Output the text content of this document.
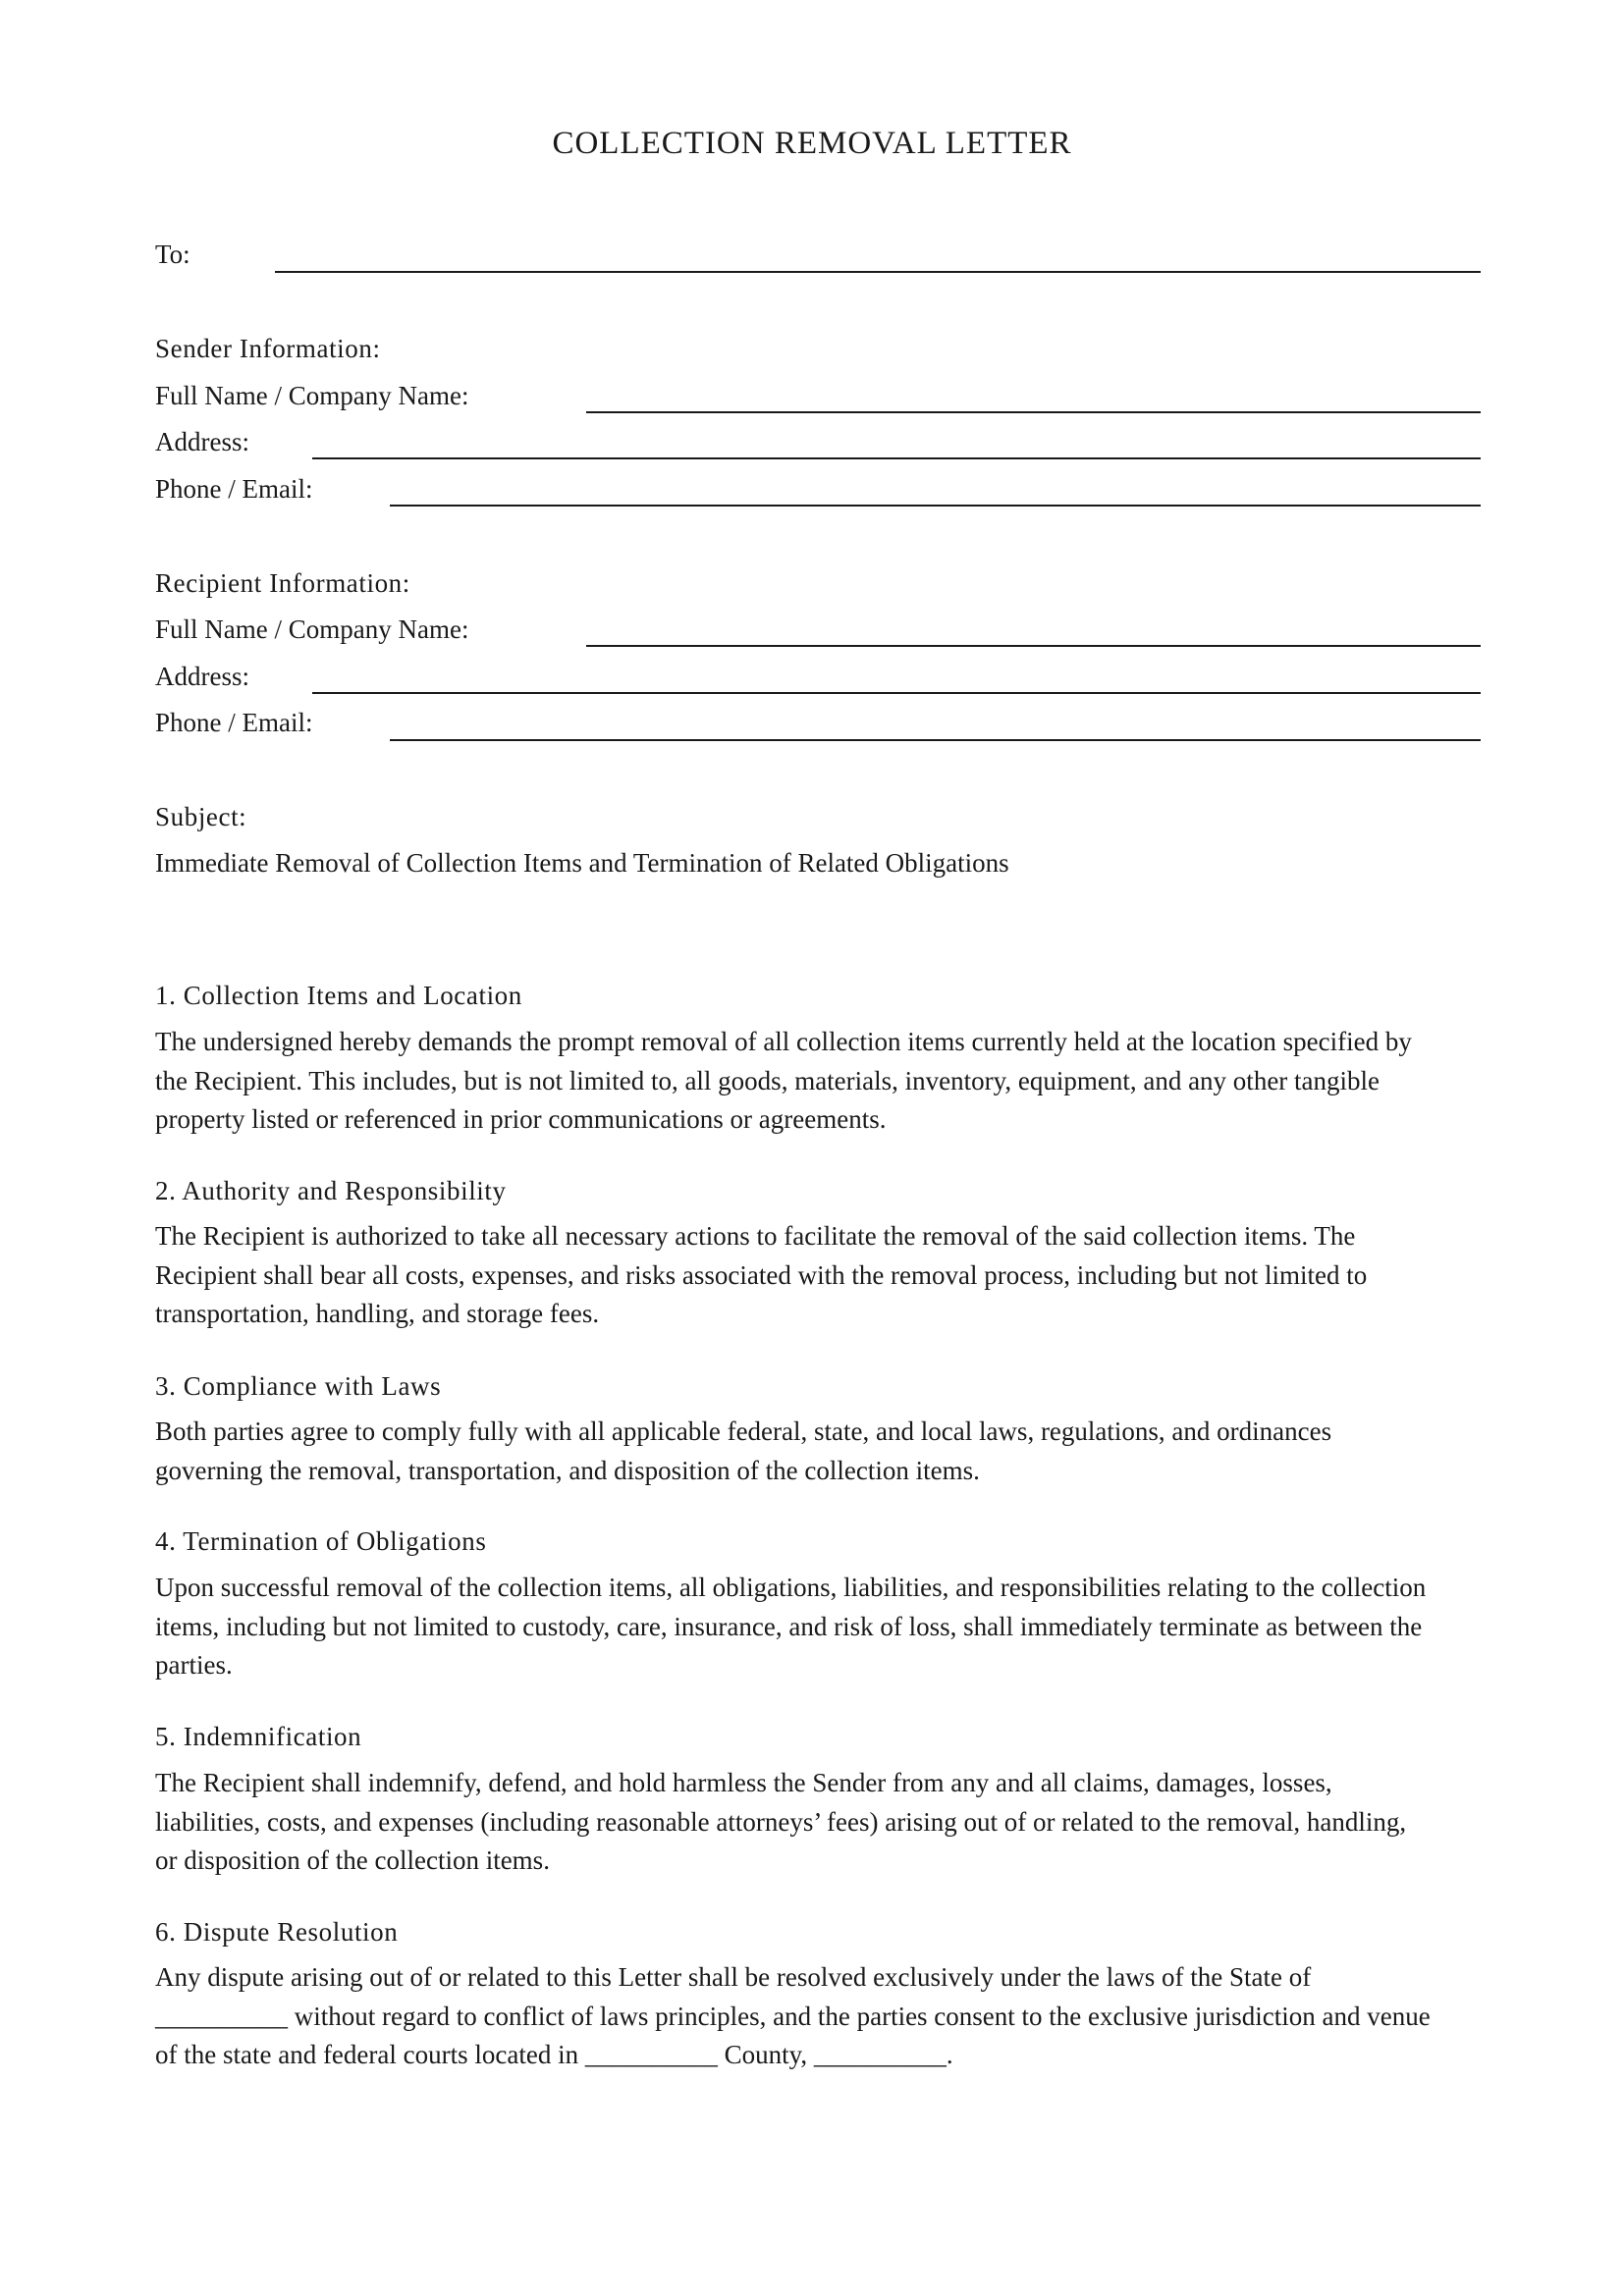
COLLECTION REMOVAL LETTER
To:
Sender Information:
Full Name / Company Name:
Address:
Phone / Email:
Recipient Information:
Full Name / Company Name:
Address:
Phone / Email:
Subject:
Immediate Removal of Collection Items and Termination of Related Obligations
1. Collection Items and Location
The undersigned hereby demands the prompt removal of all collection items currently held at the location specified by
the Recipient. This includes, but is not limited to, all goods, materials, inventory, equipment, and any other tangible
property listed or referenced in prior communications or agreements.
2. Authority and Responsibility
The Recipient is authorized to take all necessary actions to facilitate the removal of the said collection items. The
Recipient shall bear all costs, expenses, and risks associated with the removal process, including but not limited to
transportation, handling, and storage fees.
3. Compliance with Laws
Both parties agree to comply fully with all applicable federal, state, and local laws, regulations, and ordinances
governing the removal, transportation, and disposition of the collection items.
4. Termination of Obligations
Upon successful removal of the collection items, all obligations, liabilities, and responsibilities relating to the collection
items, including but not limited to custody, care, insurance, and risk of loss, shall immediately terminate as between the
parties.
5. Indemnification
The Recipient shall indemnify, defend, and hold harmless the Sender from any and all claims, damages, losses,
liabilities, costs, and expenses (including reasonable attorneys’ fees) arising out of or related to the removal, handling,
or disposition of the collection items.
6. Dispute Resolution
Any dispute arising out of or related to this Letter shall be resolved exclusively under the laws of the State of
__________ without regard to conflict of laws principles, and the parties consent to the exclusive jurisdiction and venue
of the state and federal courts located in __________ County, __________.
